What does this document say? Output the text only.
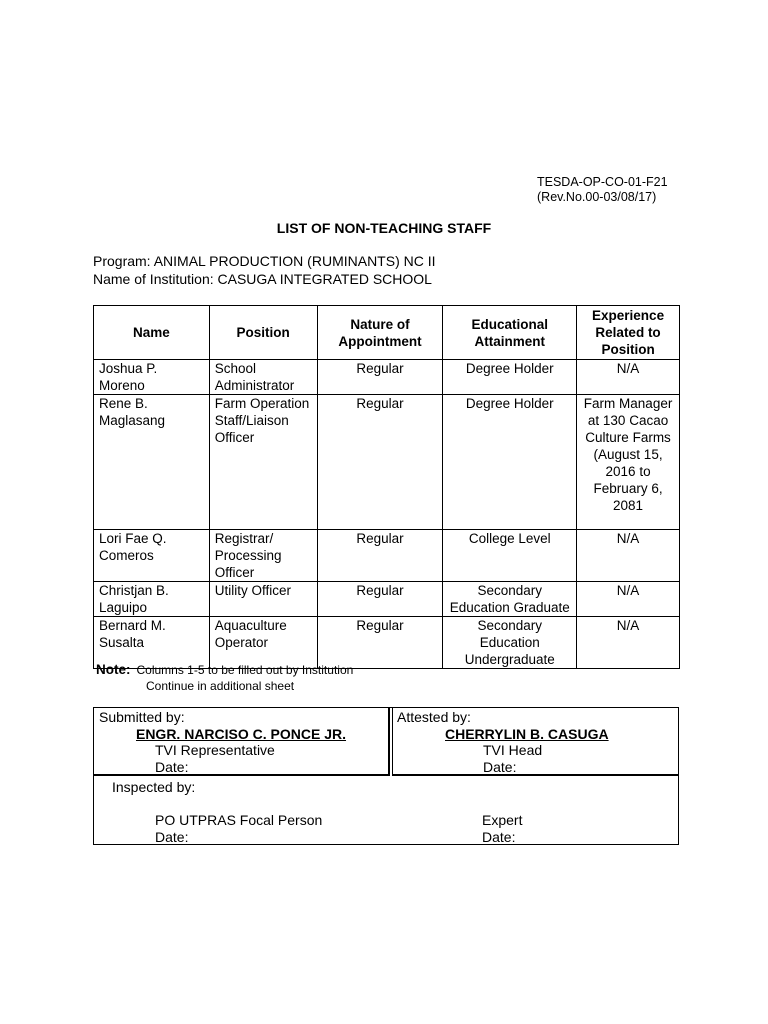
TESDA-OP-CO-01-F21
(Rev.No.00-03/08/17)
LIST OF NON-TEACHING STAFF
Program: ANIMAL PRODUCTION (RUMINANTS) NC II
Name of Institution: CASUGA INTEGRATED SCHOOL
Name	Position	Nature of Appointment	Educational Attainment	Experience Related to Position
Joshua P. Moreno	School Administrator	Regular	Degree Holder	N/A
Rene B. Maglasang	Farm Operation Staff/Liaison Officer	Regular	Degree Holder	Farm Manager at 130 Cacao Culture Farms (August 15, 2016 to February 6, 2081
Lori Fae Q. Comeros	Registrar/ Processing Officer	Regular	College Level	N/A
Christjan B. Laguipo	Utility Officer	Regular	Secondary Education Graduate	N/A
Bernard M. Susalta	Aquaculture Operator	Regular	Secondary Education Undergraduate	N/A
Note: Columns 1-5 to be filled out by Institution
Continue in additional sheet
Submitted by:
ENGR. NARCISO C. PONCE JR.
TVI Representative
Date:
Attested by:
CHERRYLIN B. CASUGA
TVI Head
Date:
Inspected by:
PO UTPRAS Focal Person
Date:
Expert
Date:
